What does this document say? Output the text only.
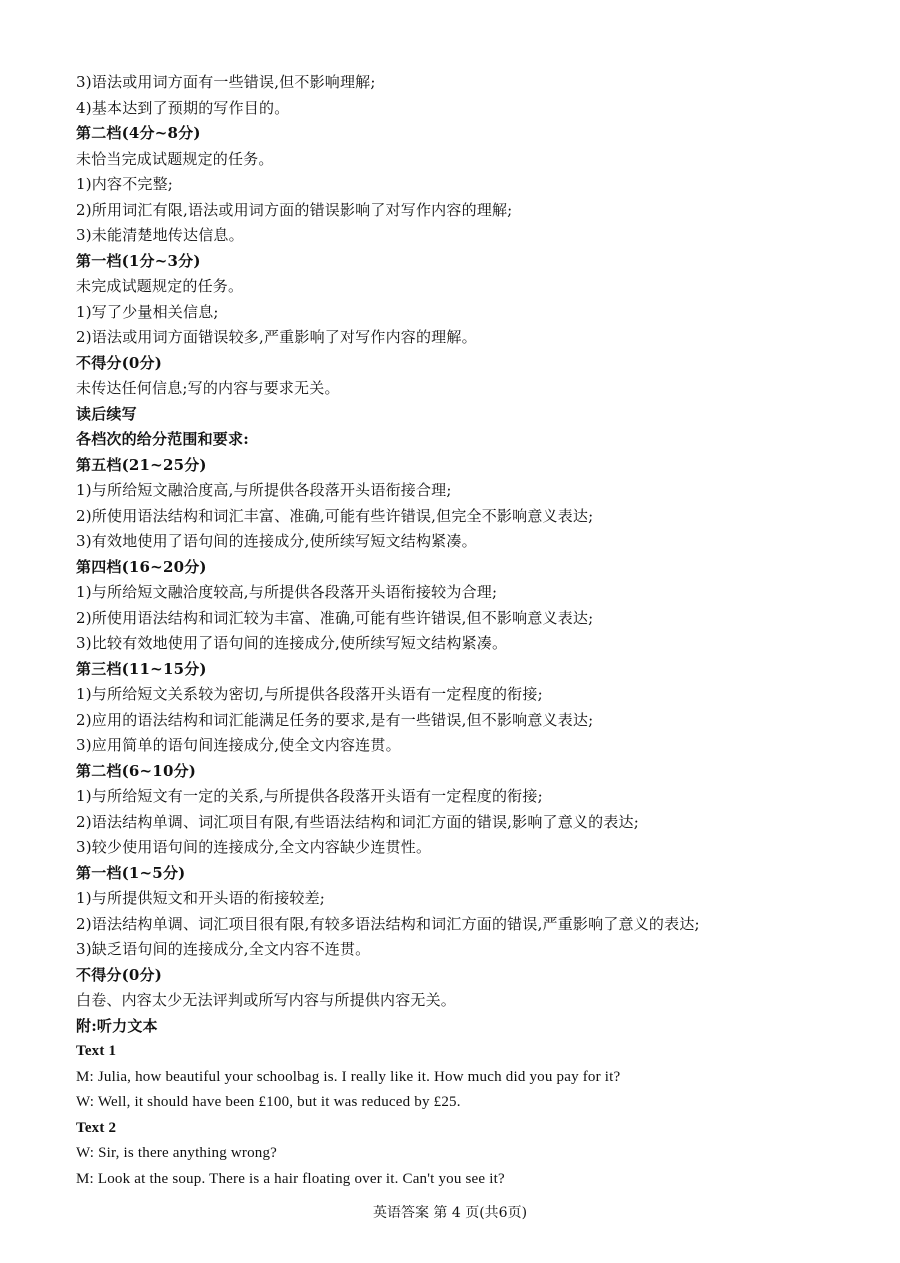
3)语法或用词方面有一些错误,但不影响理解;
4)基本达到了预期的写作目的。
第二档(4分~8分)
未恰当完成试题规定的任务。
1)内容不完整;
2)所用词汇有限,语法或用词方面的错误影响了对写作内容的理解;
3)未能清楚地传达信息。
第一档(1分~3分)
未完成试题规定的任务。
1)写了少量相关信息;
2)语法或用词方面错误较多,严重影响了对写作内容的理解。
不得分(0分)
未传达任何信息;写的内容与要求无关。
读后续写
各档次的给分范围和要求:
第五档(21~25分)
1)与所给短文融洽度高,与所提供各段落开头语衔接合理;
2)所使用语法结构和词汇丰富、准确,可能有些许错误,但完全不影响意义表达;
3)有效地使用了语句间的连接成分,使所续写短文结构紧凑。
第四档(16~20分)
1)与所给短文融洽度较高,与所提供各段落开头语衔接较为合理;
2)所使用语法结构和词汇较为丰富、准确,可能有些许错误,但不影响意义表达;
3)比较有效地使用了语句间的连接成分,使所续写短文结构紧凑。
第三档(11~15分)
1)与所给短文关系较为密切,与所提供各段落开头语有一定程度的衔接;
2)应用的语法结构和词汇能满足任务的要求,是有一些错误,但不影响意义表达;
3)应用简单的语句间连接成分,使全文内容连贯。
第二档(6~10分)
1)与所给短文有一定的关系,与所提供各段落开头语有一定程度的衔接;
2)语法结构单调、词汇项目有限,有些语法结构和词汇方面的错误,影响了意义的表达;
3)较少使用语句间的连接成分,全文内容缺少连贯性。
第一档(1~5分)
1)与所提供短文和开头语的衔接较差;
2)语法结构单调、词汇项目很有限,有较多语法结构和词汇方面的错误,严重影响了意义的表达;
3)缺乏语句间的连接成分,全文内容不连贯。
不得分(0分)
白卷、内容太少无法评判或所写内容与所提供内容无关。
附:听力文本
Text 1
M: Julia, how beautiful your schoolbag is. I really like it. How much did you pay for it?
W: Well, it should have been £100, but it was reduced by £25.
Text 2
W: Sir, is there anything wrong?
M: Look at the soup. There is a hair floating over it. Can't you see it?
英语答案 第 4 页(共6页)
